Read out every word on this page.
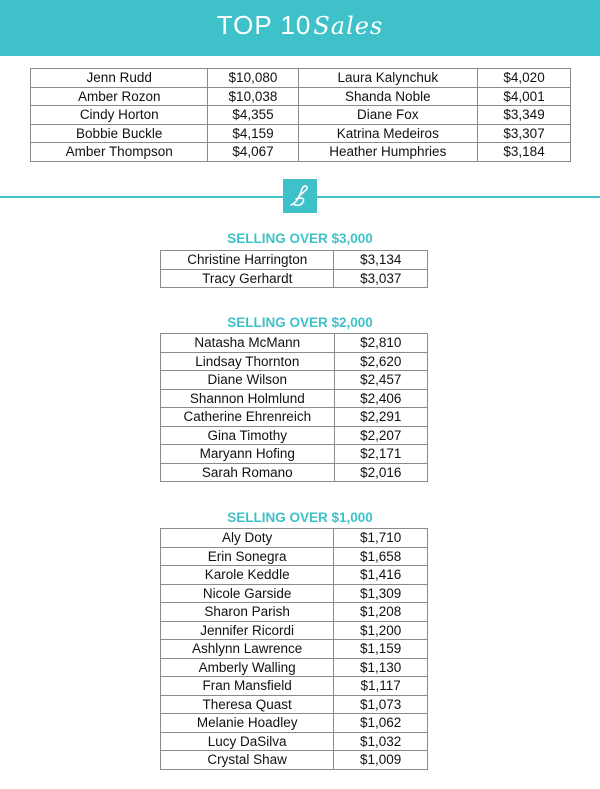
TOP 10Sales
Jenn Rudd	$10,080	Laura Kalynchuk	$4,020
Amber Rozon	$10,038	Shanda Noble	$4,001
Cindy Horton	$4,355	Diane Fox	$3,349
Bobbie Buckle	$4,159	Katrina Medeiros	$3,307
Amber Thompson	$4,067	Heather Humphries	$3,184
SELLING OVER $3,000
Christine Harrington	$3,134
Tracy Gerhardt	$3,037
SELLING OVER $2,000
Natasha McMann	$2,810
Lindsay Thornton	$2,620
Diane Wilson	$2,457
Shannon Holmlund	$2,406
Catherine Ehrenreich	$2,291
Gina Timothy	$2,207
Maryann Hofing	$2,171
Sarah Romano	$2,016
SELLING OVER $1,000
Aly Doty	$1,710
Erin Sonegra	$1,658
Karole Keddle	$1,416
Nicole Garside	$1,309
Sharon Parish	$1,208
Jennifer Ricordi	$1,200
Ashlynn Lawrence	$1,159
Amberly Walling	$1,130
Fran Mansfield	$1,117
Theresa Quast	$1,073
Melanie Hoadley	$1,062
Lucy DaSilva	$1,032
Crystal Shaw	$1,009
